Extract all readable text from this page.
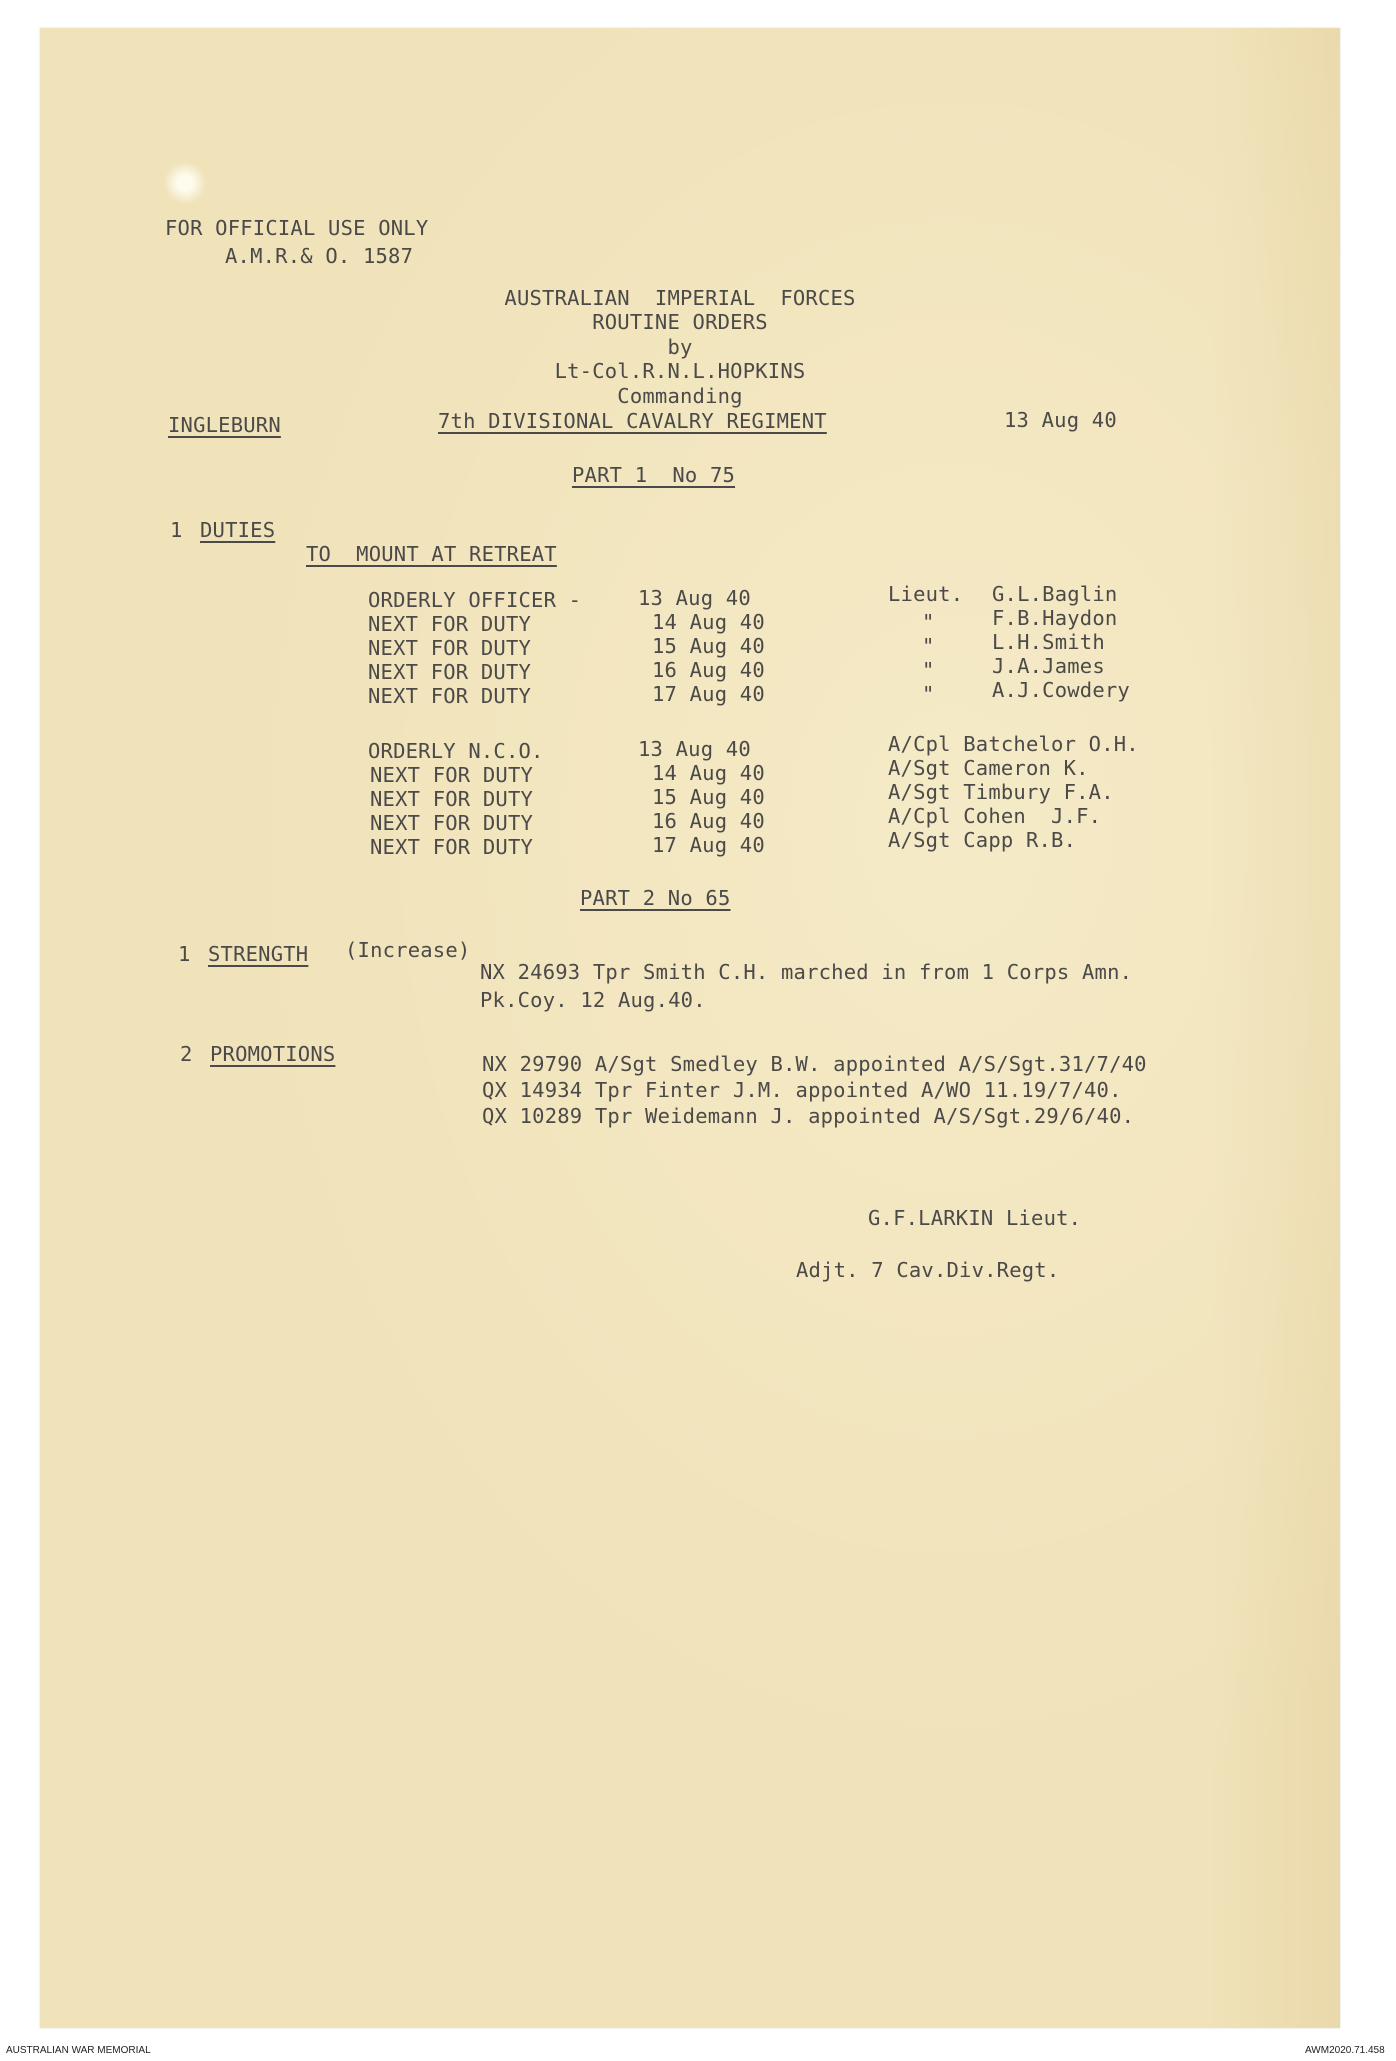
FOR OFFICIAL USE ONLY
A.M.R.& O. 1587
AUSTRALIAN  IMPERIAL  FORCES
ROUTINE ORDERS
by
Lt-Col.R.N.L.HOPKINS
Commanding
INGLEBURN	7th DIVISIONAL CAVALRY REGIMENT	13 Aug 40
PART 1  No 75
1 DUTIES
TO  MOUNT AT RETREAT
ORDERLY OFFICER -	13 Aug 40	Lieut. G.L.Baglin
NEXT FOR DUTY	14 Aug 40	"	F.B.Haydon
NEXT FOR DUTY	15 Aug 40	"	L.H.Smith
NEXT FOR DUTY	16 Aug 40	"	J.A.James
NEXT FOR DUTY	17 Aug 40	"	A.J.Cowdery
ORDERLY N.C.O.	13 Aug 40	A/Cpl Batchelor O.H.
NEXT FOR DUTY	14 Aug 40	A/Sgt Cameron K.
NEXT FOR DUTY	15 Aug 40	A/Sgt Timbury F.A.
NEXT FOR DUTY	16 Aug 40	A/Cpl Cohen  J.F.
NEXT FOR DUTY	17 Aug 40	A/Sgt Capp R.B.
PART 2 No 65
1 STRENGTH (Increase)
NX 24693 Tpr Smith C.H. marched in from 1 Corps Amn.
Pk.Coy. 12 Aug.40.
2 PROMOTIONS	NX 29790 A/Sgt Smedley B.W. appointed A/S/Sgt.31/7/40
QX 14934 Tpr Finter J.M. appointed A/WO 11.19/7/40.
QX 10289 Tpr Weidemann J. appointed A/S/Sgt.29/6/40.
G.F.LARKIN Lieut.
Adjt. 7 Cav.Div.Regt.
AUSTRALIAN WAR MEMORIAL	AWM2020.71.458
